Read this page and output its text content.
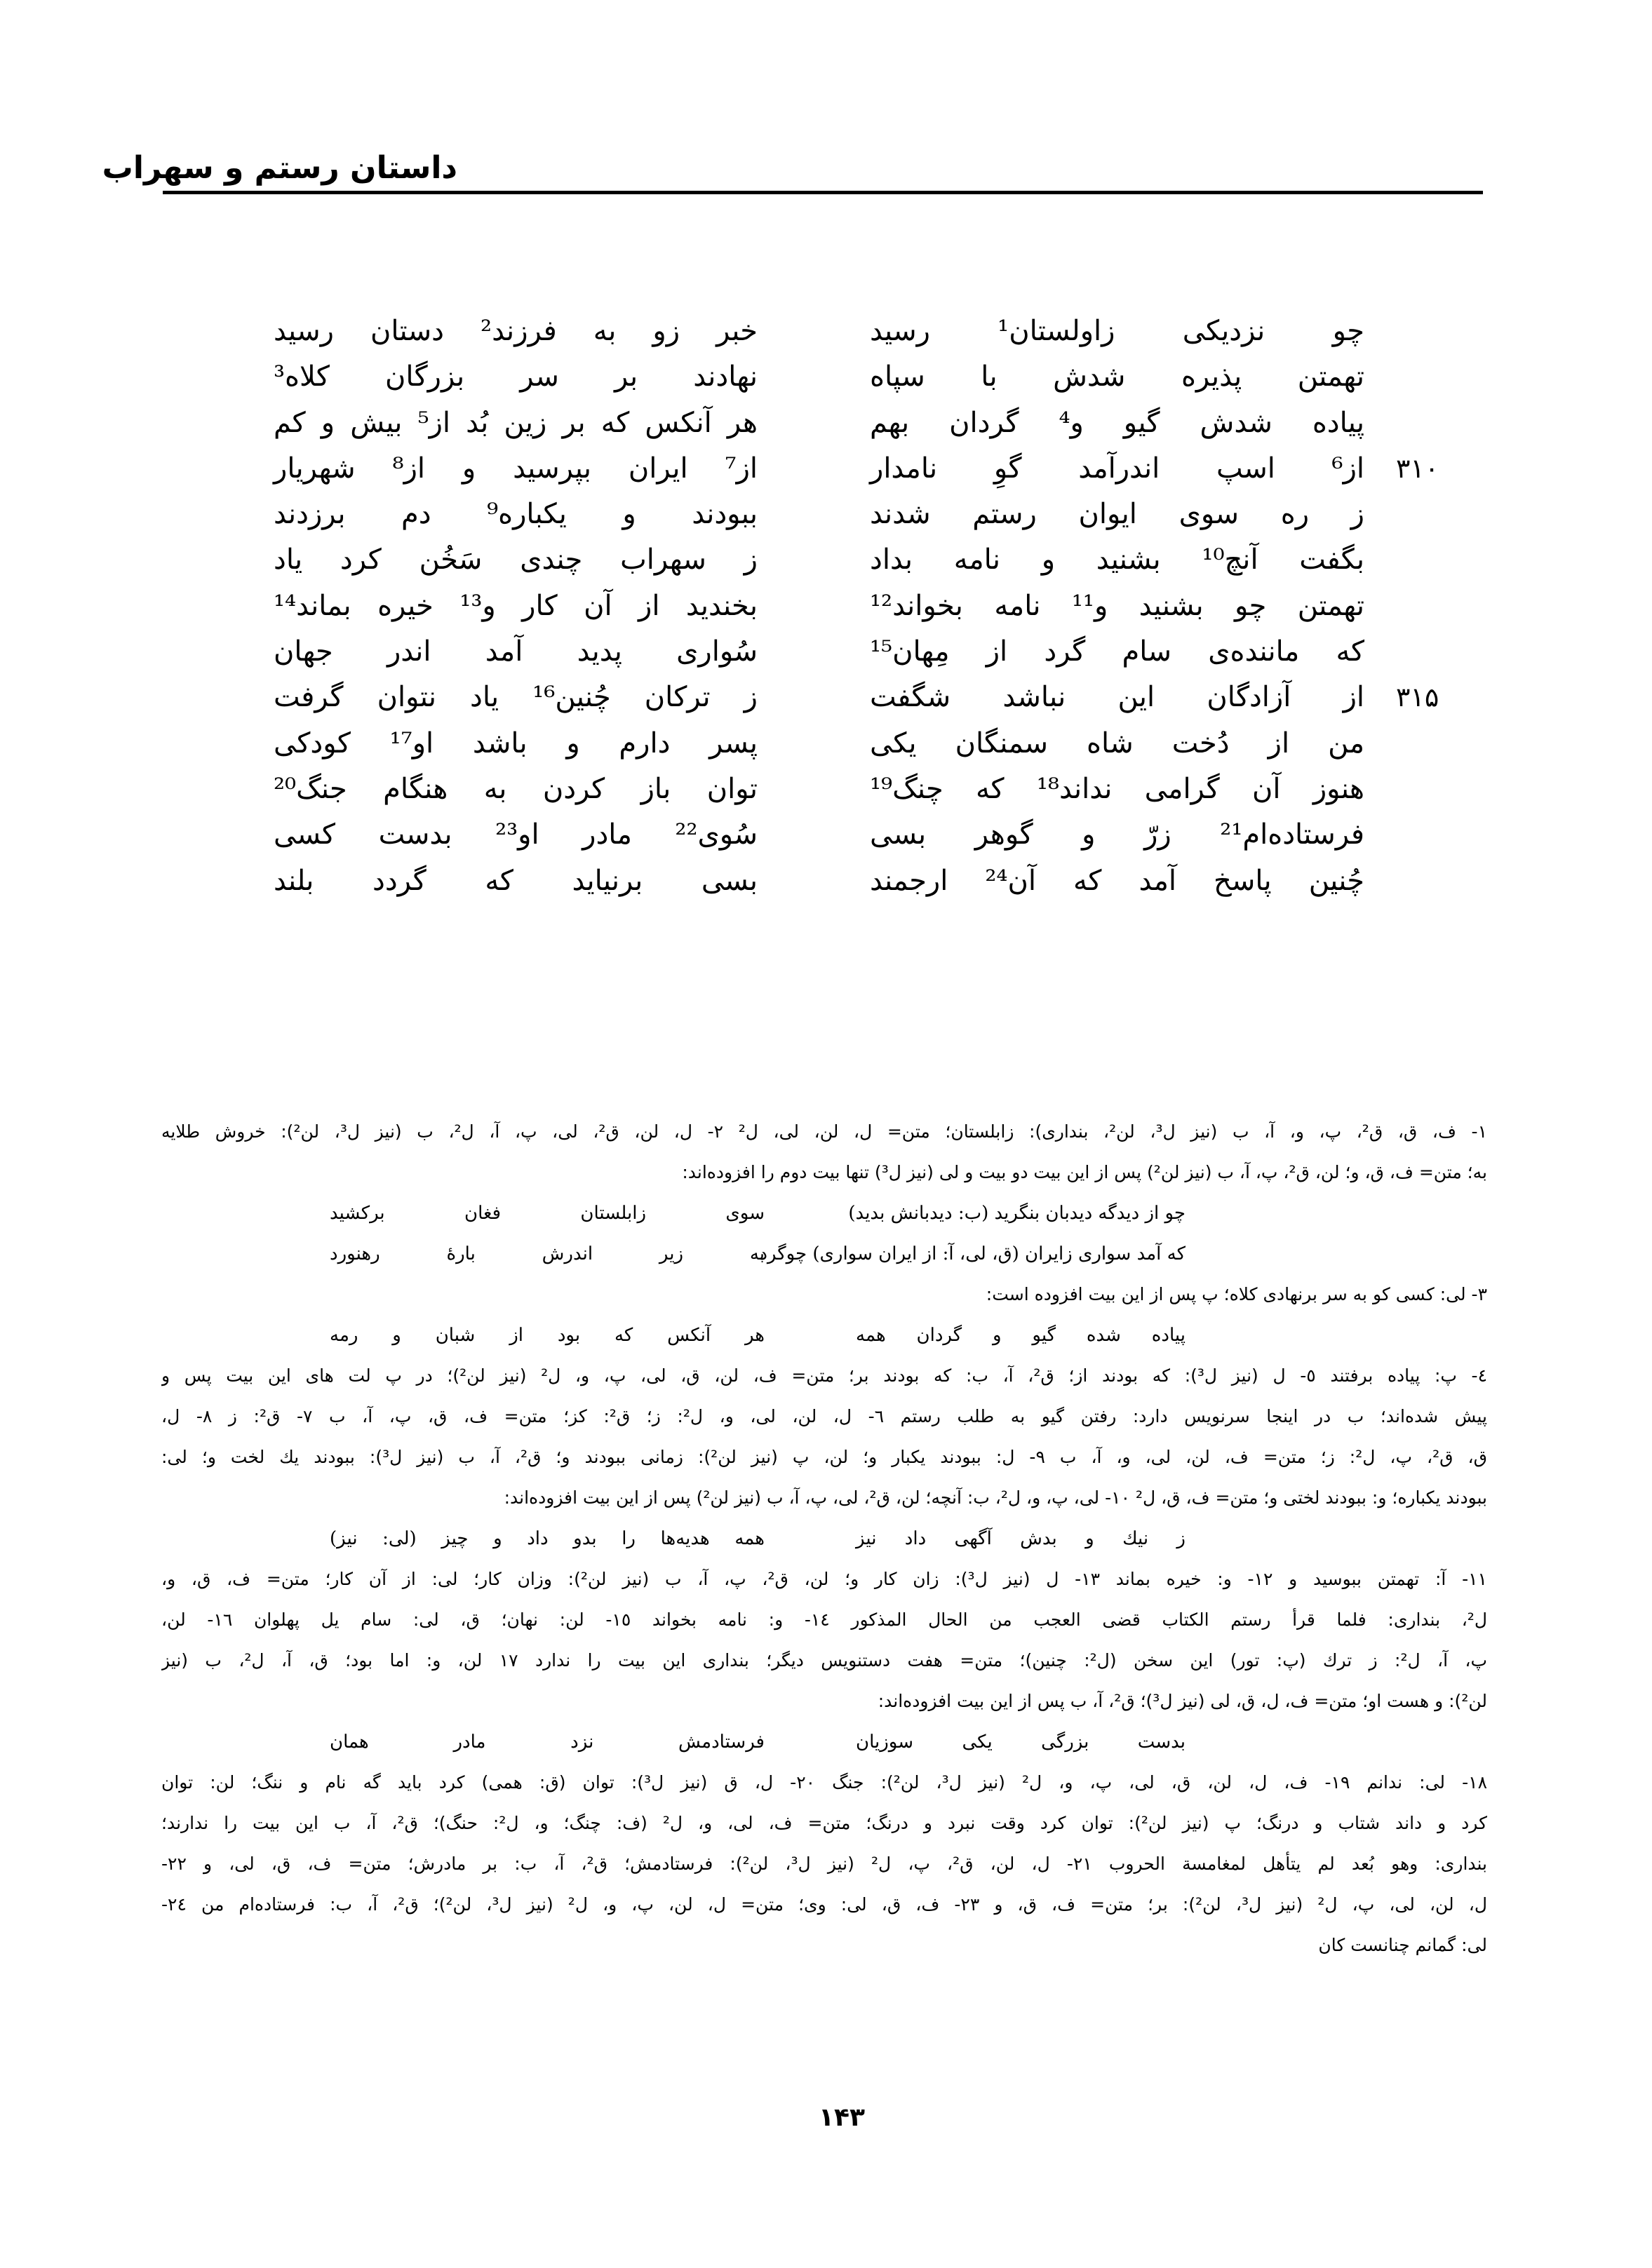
داستان رستم و سهراب
چو نزدیکی زاولستان¹ رسید
خبر زو به فرزند² دستان رسید
تهمتن پذیره شدش با سپاه
نهادند بر سر بزرگان کلاه³
پیاده شدش گیو و⁴ گردان بهم
هر آنکس که بر زین بُد از⁵ بیش و کم
از⁶ اسپ اندرآمد گوِ نامدار
از⁷ ایران بپرسید و از⁸ شهریار	۳۱۰
ز ره سوی ایوان رستم شدند
ببودند و یکباره⁹ دم برزدند
بگفت آنچ¹⁰ بشنید و نامه بداد
ز سهراب چندی سَخُن کرد یاد
تهمتن چو بشنید و¹¹ نامه بخواند¹²
بخندید از آن کار و¹³ خیره بماند¹⁴
که ماننده‌ی سام گرد از مِهان¹⁵
سُواری پدید آمد اندر جهان
از آزادگان این نباشد شگفت
ز ترکان چُنین¹⁶ یاد نتوان گرفت	۳۱۵
من از دُخت شاه سمنگان یکی
پسر دارم و باشد او¹⁷ کودکی
هنوز آن گرامی نداند¹⁸ که چنگ¹⁹
توان باز کردن به هنگام جنگ²⁰
فرستاده‌ام²¹ زرّ و گوهر بسی
سُوی²² مادر او²³ بدست کسی
چُنین پاسخ آمد که آن²⁴ ارجمند
بسی برنیاید که گردد بلند
۱- ف، ق، ق²، پ، و، آ، ب (نیز ل³، لن²، بنداری): زابلستان؛ متن= ل، لن، لی، ل² ۲- ل، لن، ق²، لی، پ، آ، ل²، ب (نیز ل³، لن²): خروش طلایه
به؛ متن= ف، ق، و؛ لن، ق²، پ، آ، ب (نیز لن²) پس از این بیت دو بیت و لی (نیز ل³) تنها بیت دوم را افزوده‌اند:
چو از دیدگه دیدبان بنگرید (ب: دیدبانش بدید)
سوی زابلستان فغان برکشید
که آمد سواری زایران (ق، لی، آ: از ایران سواری) چوگرد
به زیر اندرش بارهٔ رهنورد
۳- لی: کسی کو به سر برنهادی کلاه؛ پ پس از این بیت افزوده است:
پیاده شده گیو و گردان همه
هر آنکس که بود از شبان و رمه
٤- پ: پیاده برفتند ٥- ل (نیز ل³): که بودند از؛ ق²، آ، ب: که بودند بر؛ متن= ف، لن، ق، لی، پ، و، ل² (نیز لن²)؛ در پ لت های این بیت پس و
پیش شده‌اند؛ ب در اینجا سرنویس دارد: رفتن گیو به طلب رستم ٦- ل، لن، لی، و، ل²: ز؛ ق²: کز؛ متن= ف، ق، پ، آ، ب ٧- ق²: ز ٨- ل،
ق، ق²، پ، ل²: ز؛ متن= ف، لن، لی، و، آ، ب ٩- ل: ببودند یکبار و؛ لن، پ (نیز لن²): زمانی ببودند و؛ ق²، آ، ب (نیز ل³): ببودند یك لخت و؛ لی:
ببودند یکباره؛ و: ببودند لختی و؛ متن= ف، ق، ل² ١٠- لی، پ، و، ل²، ب: آنچه؛ لن، ق²، لی، پ، آ، ب (نیز لن²) پس از این بیت افزوده‌اند:
ز نیك و بدش آگهی داد نیز
همه هدیه‌ها را بدو داد و چیز (لی: نیز)
١١- آ: تهمتن ببوسید و ١٢- و: خیره بماند ١٣- ل (نیز ل³): زان کار و؛ لن، ق²، پ، آ، ب (نیز لن²): وزان کار؛ لی: از آن کار؛ متن= ف، ق، و،
ل²، بنداری: فلما قرأ رستم الکتاب قضی العجب من الحال المذکور ١٤- و: نامه بخواند ١٥- لن: نهان؛ ق، لی: سام یل پهلوان ١٦- لن،
پ، آ، ل²: ز ترك (پ: تور) این سخن (ل²: چنین)؛ متن= هفت دستنویس دیگر؛ بنداری این بیت را ندارد ١٧ لن، و: اما بود؛ ق، آ، ل²، ب (نیز
لن²): و هست او؛ متن= ف، ل، ق، لی (نیز ل³)؛ ق²، آ، ب پس از این بیت افزوده‌اند:
بدست بزرگی یکی سوزیان
فرستادمش نزد مادر همان
١٨- لی: ندانم ١٩- ف، ل، لن، ق، لی، پ، و، ل² (نیز ل³، لن²): جنگ ٢٠- ل، ق (نیز ل³): توان (ق: همی) کرد باید گه نام و ننگ؛ لن: توان
کرد و داند شتاب و درنگ؛ پ (نیز لن²): توان کرد وقت نبرد و درنگ؛ متن= ف، لی، و، ل² (ف: چنگ؛ و، ل²: حنگ)؛ ق²، آ، ب این بیت را ندارند؛
بنداری: وهو بُعد لم یتأهل لمغامسة الحروب ٢١- ل، لن، ق²، پ، ل² (نیز ل³، لن²): فرستادمش؛ ق²، آ، ب: بر مادرش؛ متن= ف، ق، لی، و ٢٢-
ل، لن، لی، پ، ل² (نیز ل³، لن²): بر؛ متن= ف، ق، و ٢٣- ف، ق، لی: وی؛ متن= ل، لن، پ، و، ل² (نیز ل³، لن²)؛ ق²، آ، ب: فرستاده‌ام من ٢٤-
لی: گمانم چنانست کان
۱۴۳
